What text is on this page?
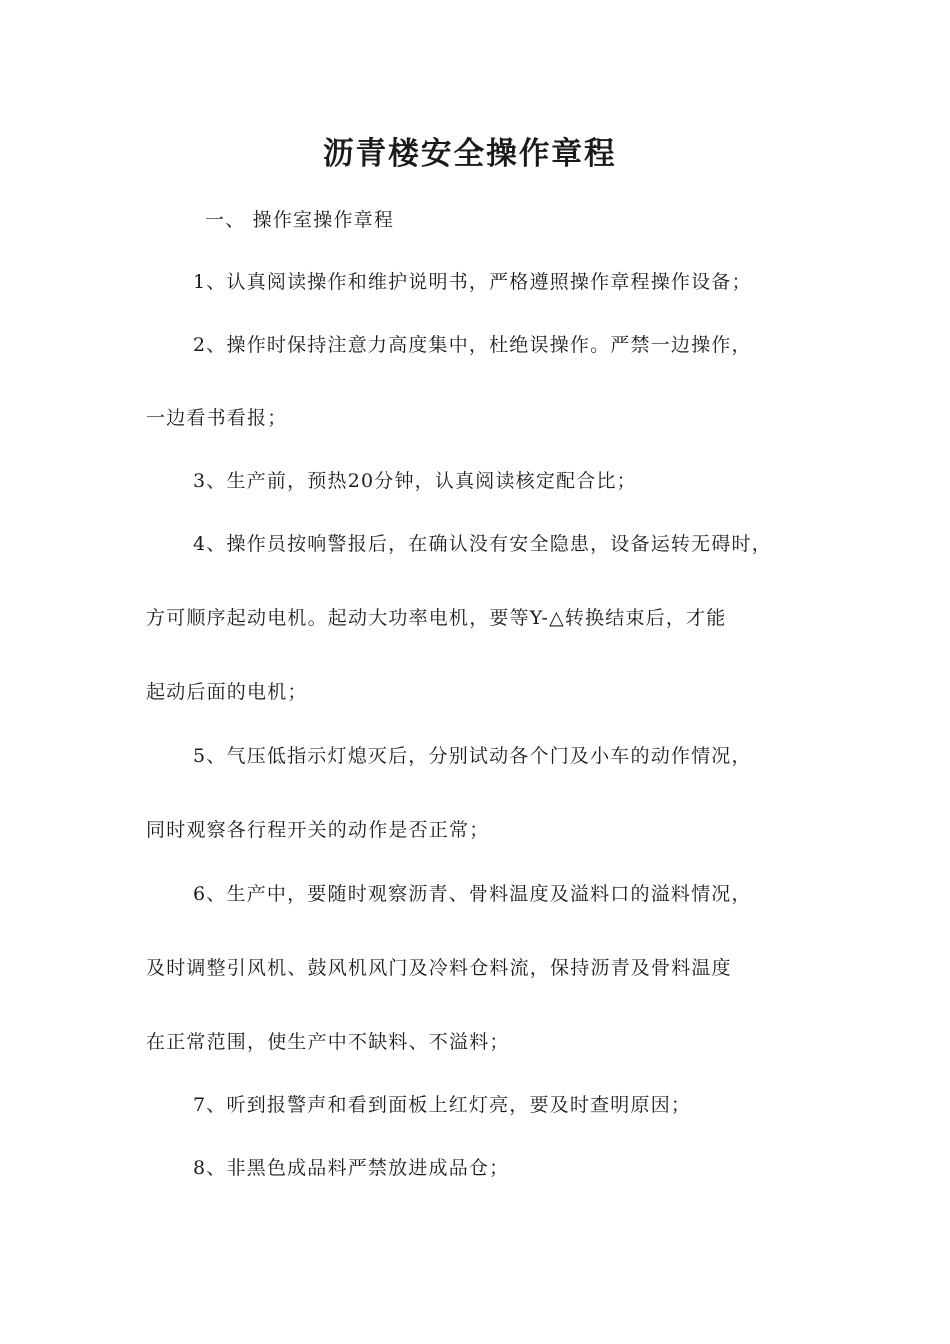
沥青楼安全操作章程

一、 操作室操作章程

1、认真阅读操作和维护说明书，严格遵照操作章程操作设备；

2、操作时保持注意力高度集中，杜绝误操作。严禁一边操作，

一边看书看报；

3、生产前，预热20分钟，认真阅读核定配合比；

4、操作员按响警报后，在确认没有安全隐患，设备运转无碍时，

方可顺序起动电机。起动大功率电机，要等Y-△转换结束后，才能

起动后面的电机；

5、气压低指示灯熄灭后，分别试动各个门及小车的动作情况，

同时观察各行程开关的动作是否正常；

6、生产中，要随时观察沥青、骨料温度及溢料口的溢料情况，

及时调整引风机、鼓风机风门及冷料仓料流，保持沥青及骨料温度

在正常范围，使生产中不缺料、不溢料；

7、听到报警声和看到面板上红灯亮，要及时查明原因；

8、非黑色成品料严禁放进成品仓；
